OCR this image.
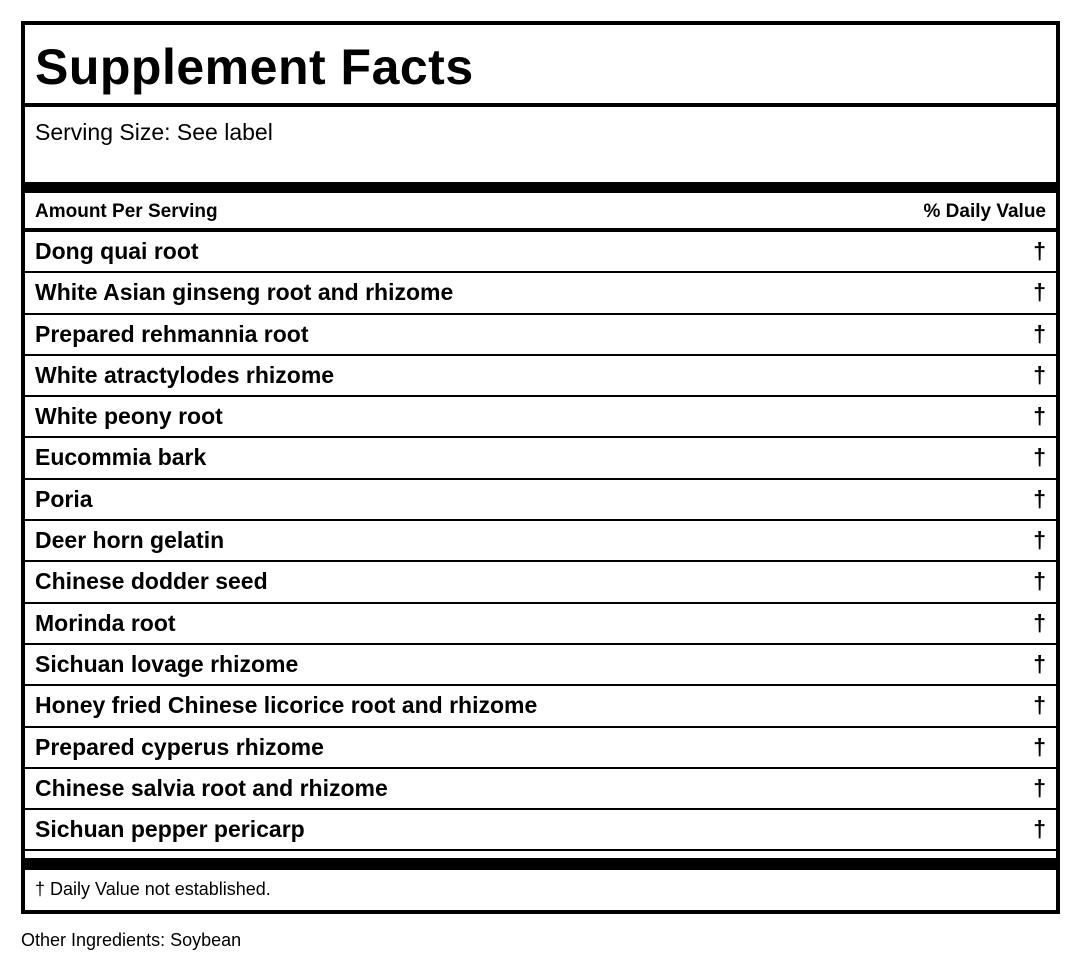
Supplement Facts
Serving Size: See label
Amount Per Serving	% Daily Value
Dong quai root	†
White Asian ginseng root and rhizome	†
Prepared rehmannia root	†
White atractylodes rhizome	†
White peony root	†
Eucommia bark	†
Poria	†
Deer horn gelatin	†
Chinese dodder seed	†
Morinda root	†
Sichuan lovage rhizome	†
Honey fried Chinese licorice root and rhizome	†
Prepared cyperus rhizome	†
Chinese salvia root and rhizome	†
Sichuan pepper pericarp	†
† Daily Value not established.
Other Ingredients: Soybean
